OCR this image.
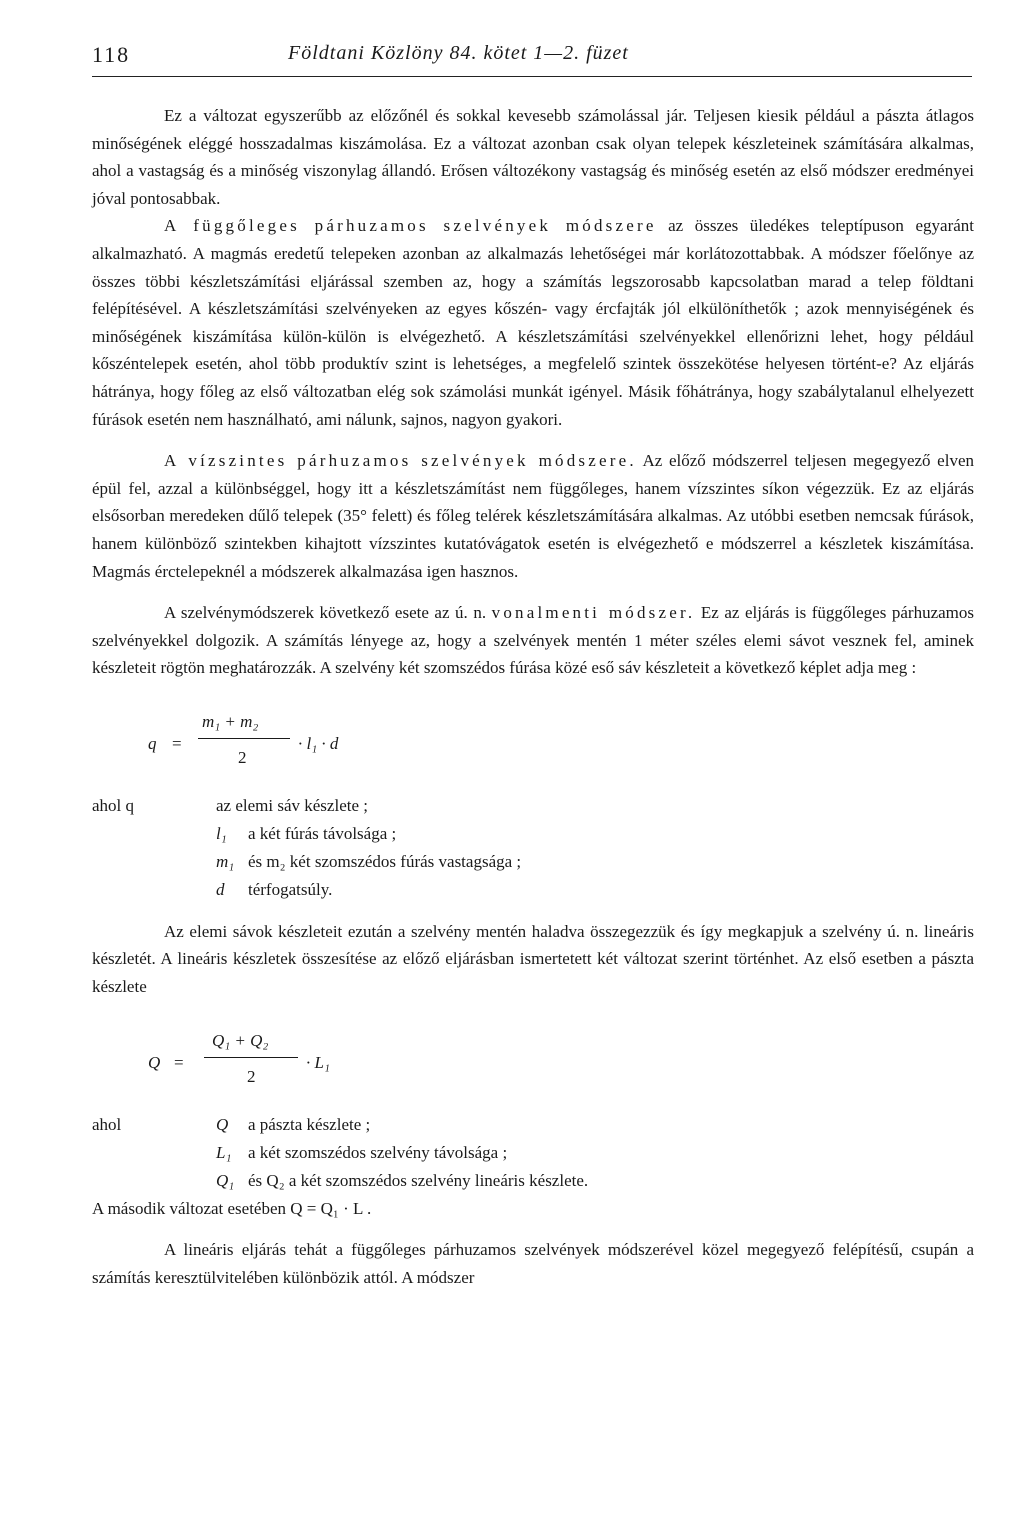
118	Földtani Közlöny 84. kötet 1—2. füzet

Ez a változat egyszerűbb az előzőnél és sokkal kevesebb számolással jár. Teljesen kiesik például a pászta átlagos minőségének eléggé hosszadalmas kiszámolása. Ez a változat azonban csak olyan telepek készleteinek számítására alkalmas, ahol a vastagság és a minőség viszonylag állandó. Erősen változékony vastagság és minőség esetén az első módszer eredményei jóval pontosabbak.

A függőleges párhuzamos szelvények módszere az összes üledékes teleptípuson egyaránt alkalmazható. A magmás eredetű telepeken azonban az alkalmazás lehetőségei már korlátozottabbak. A módszer főelőnye az összes többi készletszámítási eljárással szemben az, hogy a számítás legszorosabb kapcsolatban marad a telep földtani felépítésével. A készletszámítási szelvényeken az egyes kőszén- vagy ércfajták jól elkülöníthetők ; azok mennyiségének és minőségének kiszámítása külön-külön is elvégezhető. A készletszámítási szelvényekkel ellenőrizni lehet, hogy például kőszéntelepek esetén, ahol több produktív szint is lehetséges, a megfelelő szintek összekötése helyesen történt-e? Az eljárás hátránya, hogy főleg az első változatban elég sok számolási munkát igényel. Másik főhátránya, hogy szabálytalanul elhelyezett fúrások esetén nem használható, ami nálunk, sajnos, nagyon gyakori.

A vízszintes párhuzamos szelvények módszere. Az előző módszerrel teljesen megegyező elven épül fel, azzal a különbséggel, hogy itt a készletszámítást nem függőleges, hanem vízszintes síkon végezzük. Ez az eljárás elsősorban meredeken dűlő telepek (35° felett) és főleg telérek készletszámítására alkalmas. Az utóbbi esetben nemcsak fúrások, hanem különböző szintekben kihajtott vízszintes kutatóvágatok esetén is elvégezhető e módszerrel a készletek kiszámítása. Magmás érctelepeknél a módszerek alkalmazása igen hasznos.

A szelvénymódszerek következő esete az ú. n. vonalmenti módszer. Ez az eljárás is függőleges párhuzamos szelvényekkel dolgozik. A számítás lényege az, hogy a szelvények mentén 1 méter széles elemi sávot vesznek fel, aminek készleteit rögtön meghatározzák. A szelvény két szomszédos fúrása közé eső sáv készleteit a következő képlet adja meg :

q =
m₁ + m₂
2
· l₁ · d
ahol q	az elemi sáv készlete ;
l₁	a két fúrás távolsága ;
m₁ és m₂ két szomszédos fúrás vastagsága ;
d	térfogatsúly.

Az elemi sávok készleteit ezután a szelvény mentén haladva összegezzük és így megkapjuk a szelvény ú. n. lineáris készletét. A lineáris készletek összesítése az előző eljárásban ismertetett két változat szerint történhet. Az első esetben a pászta készlete

Q =
Q₁ + Q₂
2
· L₁
ahol	Q	a pászta készlete ;
L₁ a két szomszédos szelvény távolsága ;
Q₁ és Q₂ a két szomszédos szelvény lineáris készlete.

A második változat esetében Q = Q₁ · L .

A lineáris eljárás tehát a függőleges párhuzamos szelvények módszerével közel megegyező felépítésű, csupán a számítás keresztülvitelében különbözik attól. A módszer
